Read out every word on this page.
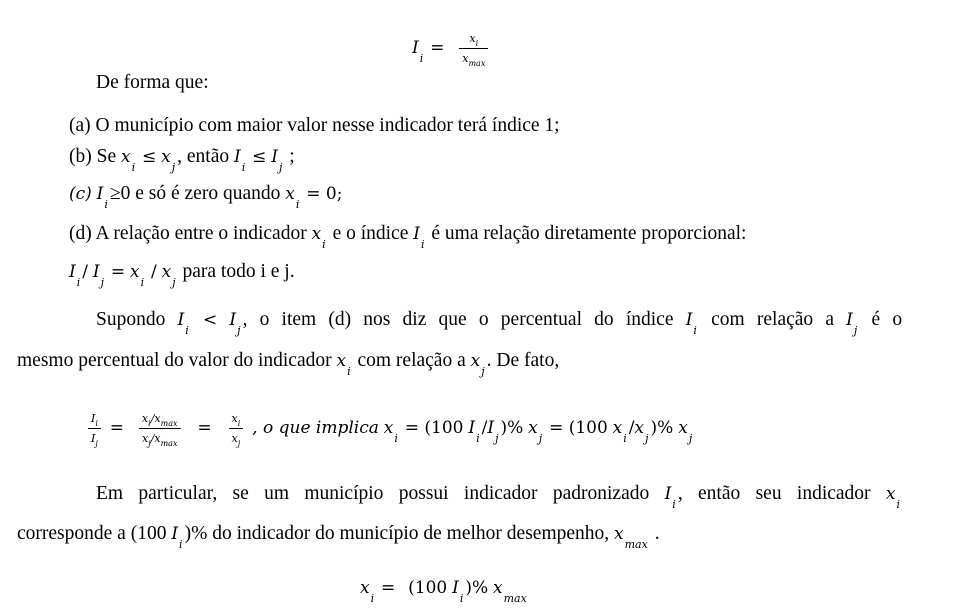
$I_i = \frac{x_i}{x_{max}}$
De forma que:
(a) O município com maior valor nesse indicador terá índice 1;
(b) Se $x_i \le x_j$, então $I_i \le I_j$ ;
(c) $I_i\ge 0$ e só é zero quando $x_i = 0$;
(d) A relação entre o indicador $x_i$ e o índice $I_i$ é uma relação diretamente proporcional:
$I_i/$ $I_j = x_i / x_j$ para todo i e j.
Supondo $I_i < I_j$, o item (d) nos diz que o percentual do índice $I_i$ com relação a $I_j$ é o
mesmo percentual do valor do indicador $x_i$ com relação a $x_j$. De fato,
$\frac{I_i}{I_j} = \frac{x_i/x_{max}}{x_j/x_{max}} = \frac{x_i}{x_j}$ , o que implica $x_i = (100$ $I_i/I_j)\%$ $x_j = (100$ $x_i/x_j)\%$ $x_j$
Em particular, se um município possui indicador padronizado $I_i$, então seu indicador $x_i$
corresponde a (100 $I_i)\%$ do indicador do município de melhor desempenho, $x_{max}$ .
$x_i = (100$ $I_i)\%$ $x_{max}$
